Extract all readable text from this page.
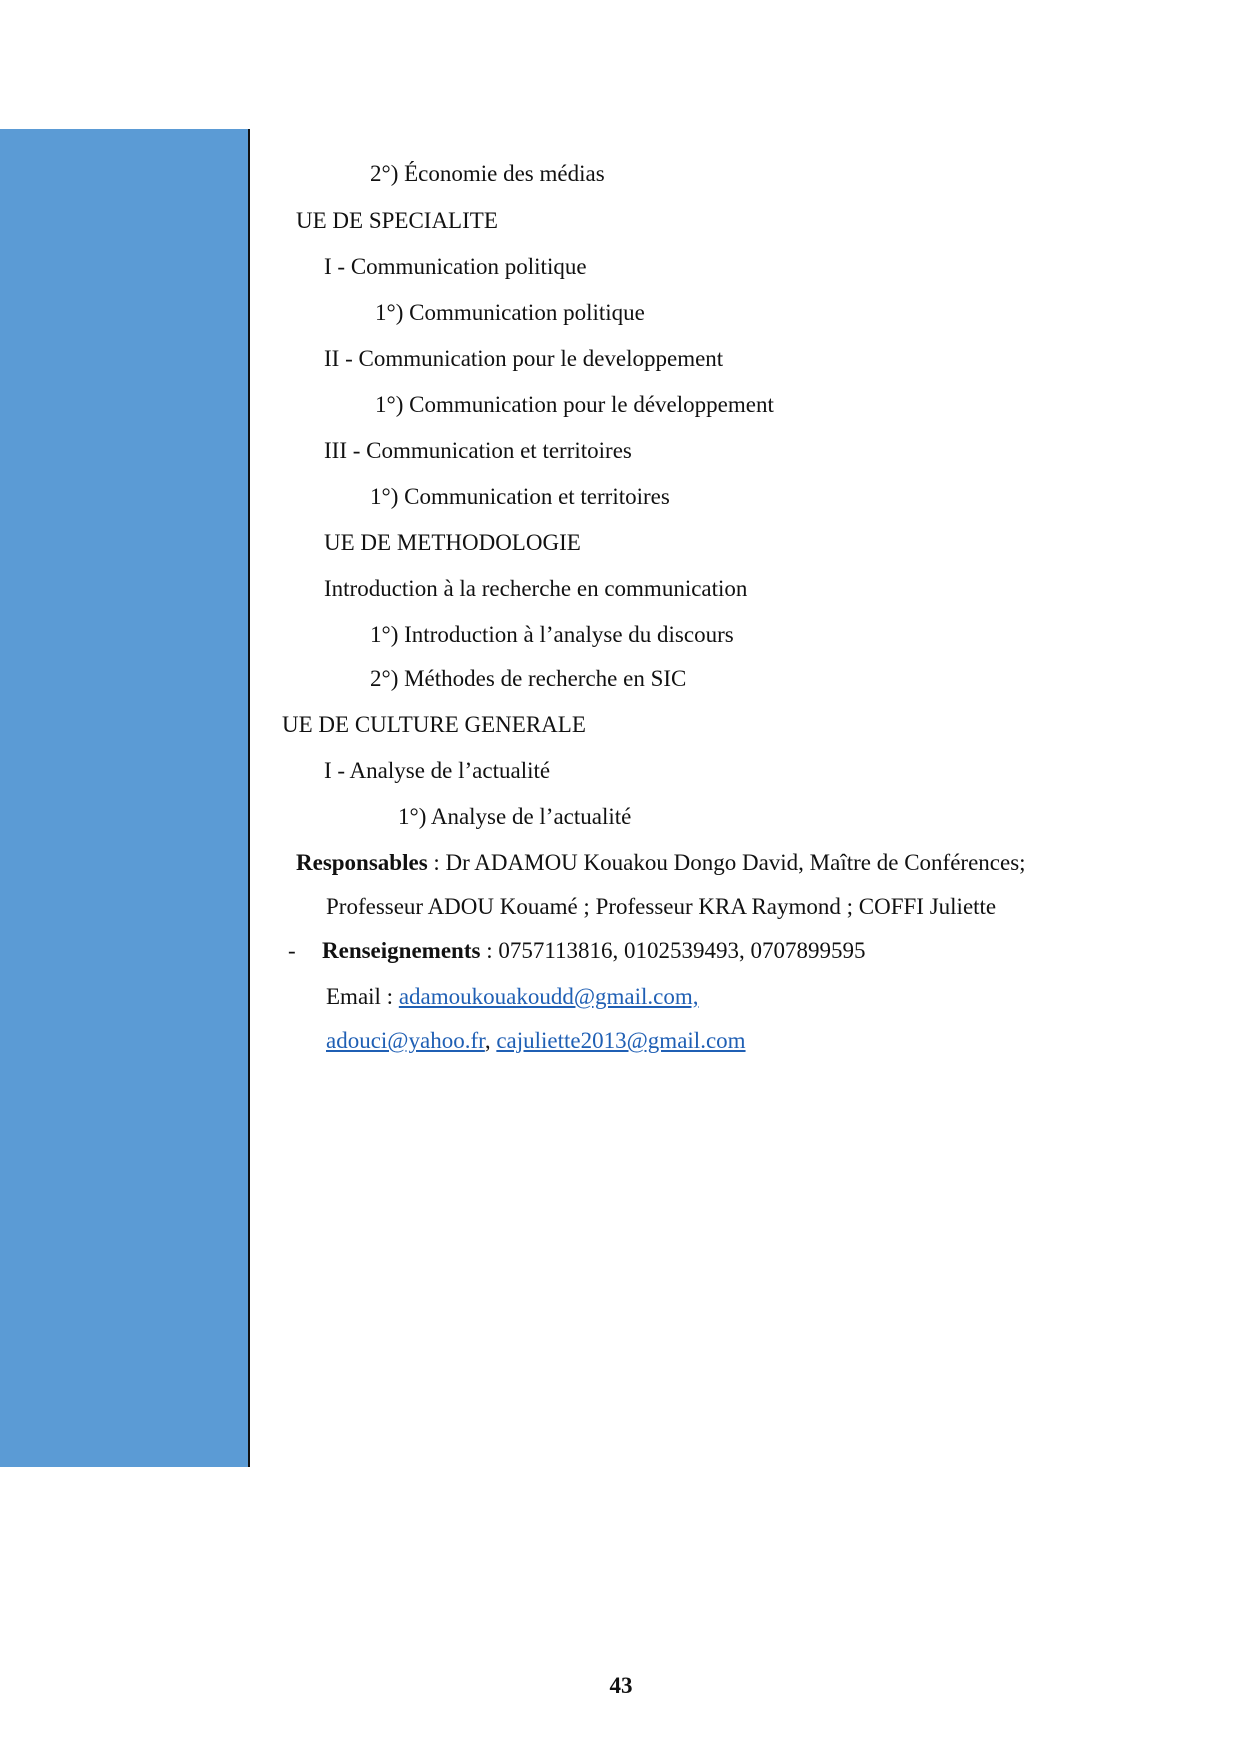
2°) Économie des médias
UE DE SPECIALITE
I - Communication politique
1°) Communication politique
II - Communication pour le developpement
1°) Communication pour le développement
III - Communication et territoires
1°) Communication et territoires
UE DE METHODOLOGIE
Introduction à la recherche en communication
1°) Introduction à l’analyse du discours
2°) Méthodes de recherche en SIC
UE DE CULTURE GENERALE
I - Analyse de l’actualité
1°) Analyse de l’actualité
Responsables : Dr ADAMOU Kouakou Dongo David, Maître de Conférences;
Professeur ADOU Kouamé ; Professeur KRA Raymond ; COFFI Juliette
- Renseignements : 0757113816, 0102539493, 0707899595
Email : adamoukouakoudd@gmail.com,
adouci@yahoo.fr, cajuliette2013@gmail.com
43
